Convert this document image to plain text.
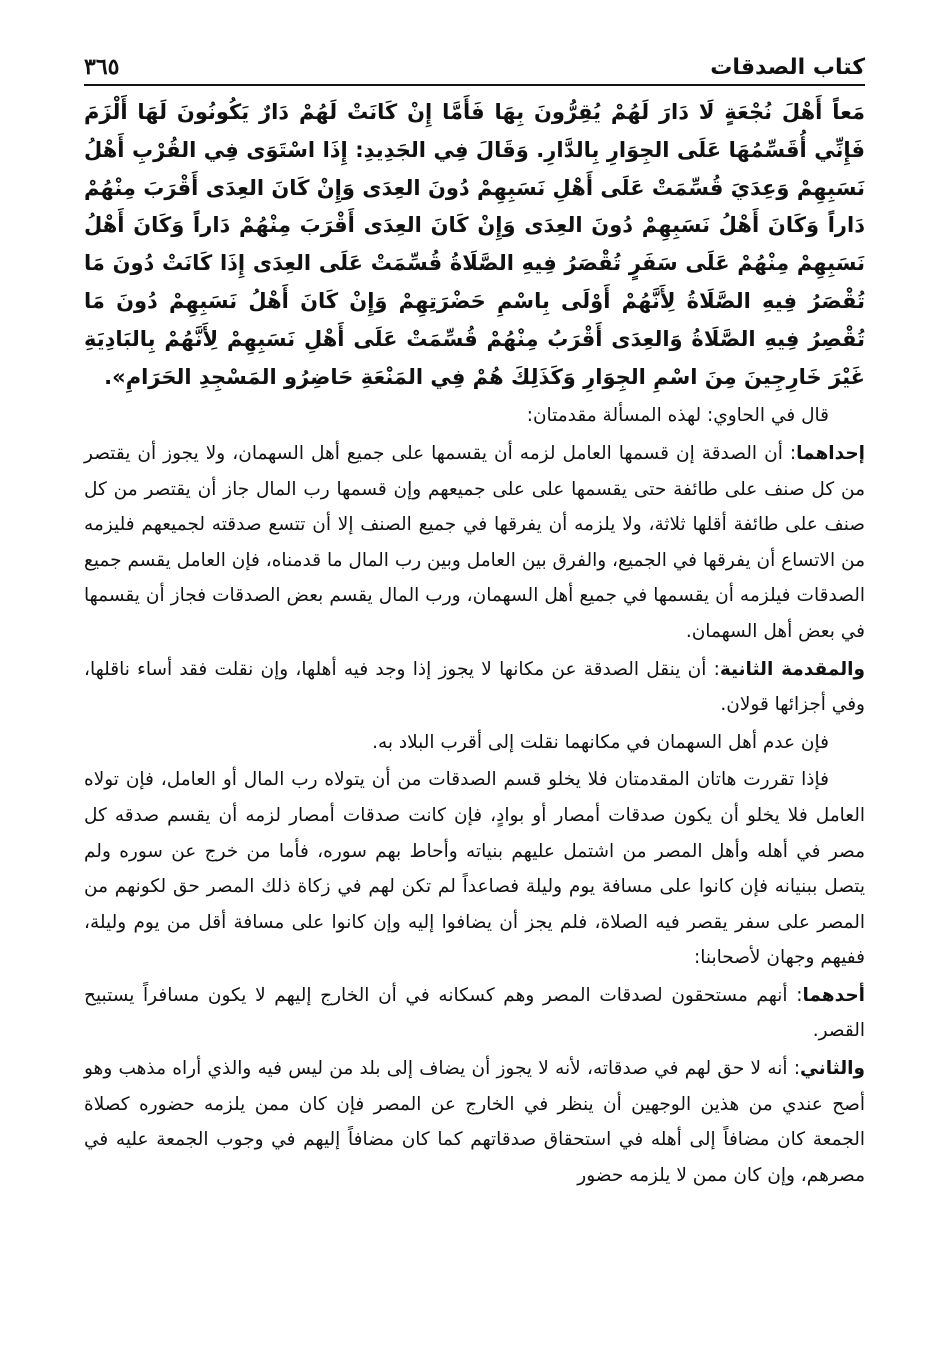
كتاب الصدقات
٣٦٥

مَعاً أَهْلَ نُجْعَةٍ لَا دَارَ لَهُمْ يُقِرُّونَ بِهَا فَأَمَّا إِنْ كَانَتْ لَهُمْ دَارٌ يَكُونُونَ لَهَا أَلْزَمَ فَإِنِّي أُقَسِّمُهَا عَلَى الجِوَارِ بِالدَّارِ. وَقَالَ فِي الجَدِيدِ: إِذَا اسْتَوَى فِي القُرْبِ أَهْلُ نَسَبِهِمْ وَعِدَيَ قُسِّمَتْ عَلَى أَهْلِ نَسَبِهِمْ دُونَ العِدَى وَإِنْ كَانَ العِدَى أَقْرَبَ مِنْهُمْ دَاراً وَكَانَ أَهْلُ نَسَبِهِمْ دُونَ العِدَى وَإِنْ كَانَ العِدَى أَقْرَبَ مِنْهُمْ دَاراً وَكَانَ أَهْلُ نَسَبِهِمْ مِنْهُمْ عَلَى سَفَرٍ تُقْصَرُ فِيهِ الصَّلَاةُ قُسِّمَتْ عَلَى العِدَى إِذَا كَانَتْ دُونَ مَا تُقْصَرُ فِيهِ الصَّلَاةُ لِأَنَّهُمْ أَوْلَى بِاسْمِ حَضْرَتِهِمْ وَإِنْ كَانَ أَهْلُ نَسَبِهِمْ دُونَ مَا تُقْصِرُ فِيهِ الصَّلَاةُ وَالعِدَى أَقْرَبُ مِنْهُمْ قُسِّمَتْ عَلَى أَهْلِ نَسَبِهِمْ لِأَنَّهُمْ بِالبَادِيَةِ غَيْرَ خَارِجِينَ مِنَ اسْمِ الجِوَارِ وَكَذَلِكَ هُمْ فِي المَنْعَةِ حَاضِرُو المَسْجِدِ الحَرَامِ».

قال في الحاوي: لهذه المسألة مقدمتان:

إحداهما: أن الصدقة إن قسمها العامل لزمه أن يقسمها على جميع أهل السهمان، ولا يجوز أن يقتصر من كل صنف على طائفة حتى يقسمها على على جميعهم وإن قسمها رب المال جاز أن يقتصر من كل صنف على طائفة أقلها ثلاثة، ولا يلزمه أن يفرقها في جميع الصنف إلا أن تتسع صدقته لجميعهم فليزمه من الاتساع أن يفرقها في الجميع، والفرق بين العامل وبين رب المال ما قدمناه، فإن العامل يقسم جميع الصدقات فيلزمه أن يقسمها في جميع أهل السهمان، ورب المال يقسم بعض الصدقات فجاز أن يقسمها في بعض أهل السهمان.

والمقدمة الثانية: أن ينقل الصدقة عن مكانها لا يجوز إذا وجد فيه أهلها، وإن نقلت فقد أساء ناقلها، وفي أجزائها قولان.

فإن عدم أهل السهمان في مكانهما نقلت إلى أقرب البلاد به.

فإذا تقررت هاتان المقدمتان فلا يخلو قسم الصدقات من أن يتولاه رب المال أو العامل، فإن تولاه العامل فلا يخلو أن يكون صدقات أمصار أو بوادٍ، فإن كانت صدقات أمصار لزمه أن يقسم صدقه كل مصر في أهله وأهل المصر من اشتمل عليهم بنياته وأحاط بهم سوره، فأما من خرج عن سوره ولم يتصل ببنيانه فإن كانوا على مسافة يوم وليلة فصاعداً لم تكن لهم في زكاة ذلك المصر حق لكونهم من المصر على سفر يقصر فيه الصلاة، فلم يجز أن يضافوا إليه وإن كانوا على مسافة أقل من يوم وليلة، ففيهم وجهان لأصحابنا:

أحدهما: أنهم مستحقون لصدقات المصر وهم كسكانه في أن الخارج إليهم لا يكون مسافراً يستبيح القصر.

والثاني: أنه لا حق لهم في صدقاته، لأنه لا يجوز أن يضاف إلى بلد من ليس فيه والذي أراه مذهب وهو أصح عندي من هذين الوجهين أن ينظر في الخارج عن المصر فإن كان ممن يلزمه حضوره كصلاة الجمعة كان مضافاً إلى أهله في استحقاق صدقاتهم كما كان مضافاً إليهم في وجوب الجمعة عليه في مصرهم، وإن كان ممن لا يلزمه حضور
